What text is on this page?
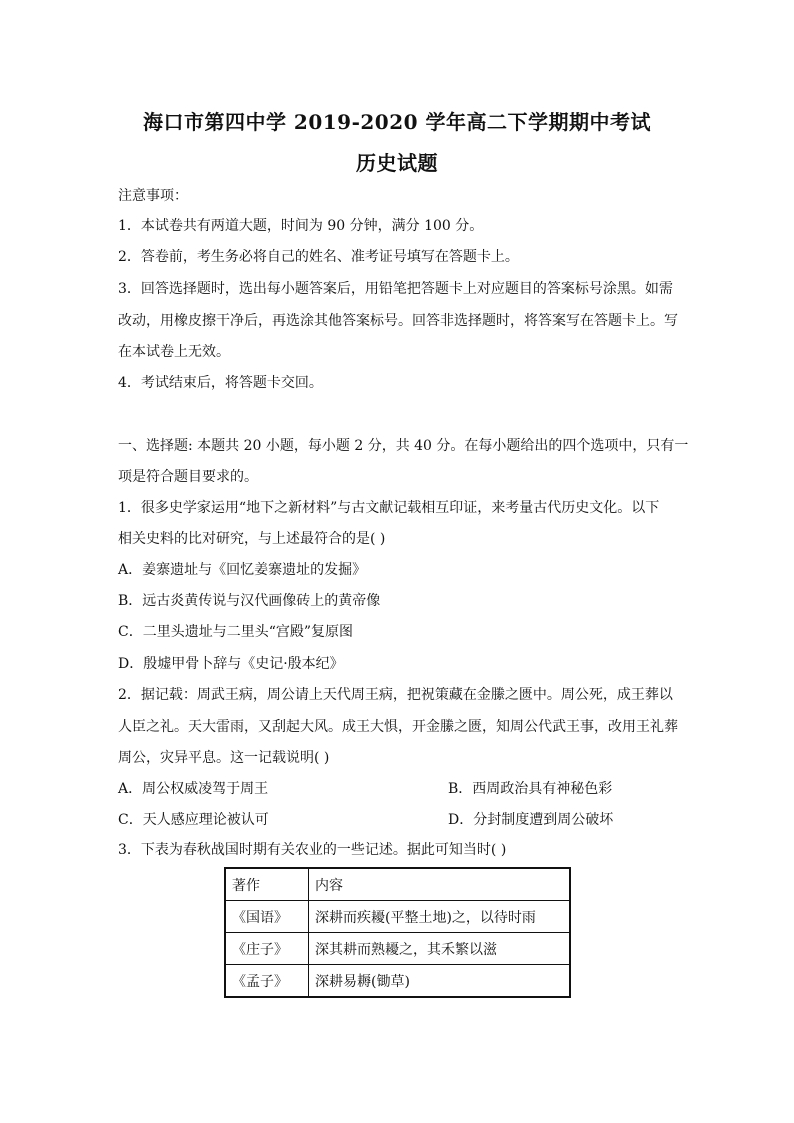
海口市第四中学 2019-2020 学年高二下学期期中考试
历史试题
注意事项：
1．本试卷共有两道大题，时间为 90 分钟，满分 100 分。
2．答卷前，考生务必将自己的姓名、准考证号填写在答题卡上。
3．回答选择题时，选出每小题答案后，用铅笔把答题卡上对应题目的答案标号涂黑。如需
改动，用橡皮擦干净后，再选涂其他答案标号。回答非选择题时，将答案写在答题卡上。写
在本试卷上无效。
4．考试结束后，将答题卡交回。
一、选择题: 本题共 20 小题，每小题 2 分，共 40 分。在每小题给出的四个选项中，只有一
项是符合题目要求的。
1．很多史学家运用“地下之新材料”与古文献记载相互印证，来考量古代历史文化。以下
相关史料的比对研究，与上述最符合的是( )
A．姜寨遗址与《回忆姜寨遗址的发掘》
B．远古炎黄传说与汉代画像砖上的黄帝像
C．二里头遗址与二里头“宫殿”复原图
D．殷墟甲骨卜辞与《史记·殷本纪》
2．据记载：周武王病，周公请上天代周王病，把祝策藏在金縢之匮中。周公死，成王葬以
人臣之礼。天大雷雨，又刮起大风。成王大惧，开金縢之匮，知周公代武王事，改用王礼葬
周公，灾异平息。这一记载说明( )
A．周公权威凌驾于周王	B．西周政治具有神秘色彩
C．天人感应理论被认可	D．分封制度遭到周公破坏
3．下表为春秋战国时期有关农业的一些记述。据此可知当时( )
著作	内容
《国语》	深耕而疾耰(平整土地)之，以待时雨
《庄子》	深其耕而熟耰之，其禾繁以滋
《孟子》	深耕易耨(锄草)
